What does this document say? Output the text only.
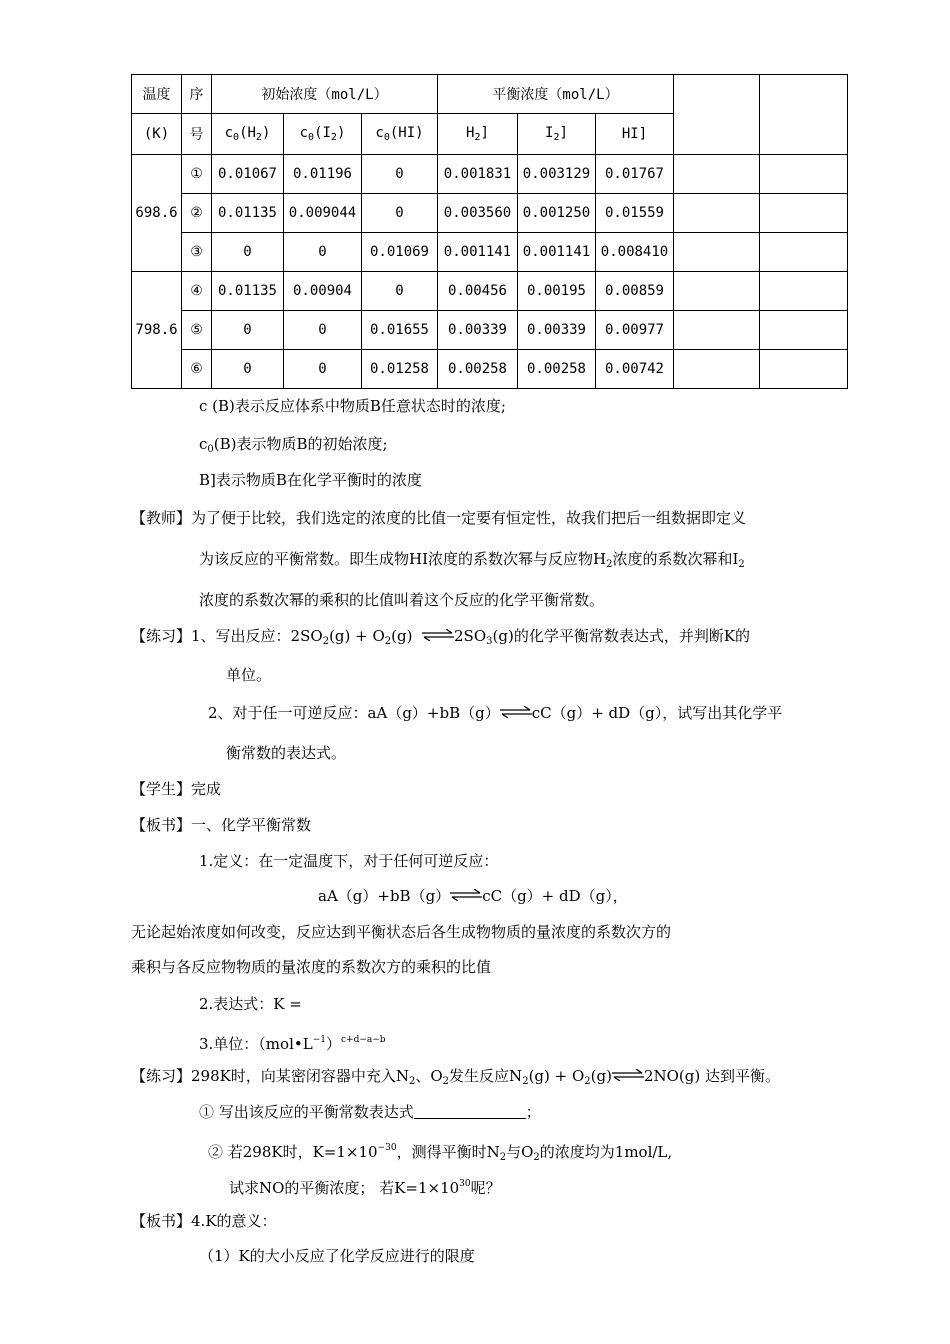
温度	序	初始浓度（mol/L）			平衡浓度（mol/L）				
(K)	号	$c_0(H_2)$	$c_0(I_2)$	$c_0(HI)$	$H_2$]	$I_2$]	HI]		
698.6	①	0.01067	0.01196	0	0.001831	0.003129	0.01767		
	②	0.01135	0.009044	0	0.003560	0.001250	0.01559		
	③	0	0	0.01069	0.001141	0.001141	0.008410		
798.6	④	0.01135	0.00904	0	0.00456	0.00195	0.00859		
	⑤	0	0	0.01655	0.00339	0.00339	0.00977		
	⑥	0	0	0.01258	0.00258	0.00258	0.00742		
c (B)表示反应体系中物质B任意状态时的浓度;
$c_0(B)$表示物质B的初始浓度;
B]表示物质B在化学平衡时的浓度
【教师】为了便于比较，我们选定的浓度的比值一定要有恒定性，故我们把后一组数据即定义
为该反应的平衡常数。即生成物HI浓度的系数次幂与反应物$H_2$浓度的系数次幂和$I_2$
浓度的系数次幂的乘积的比值叫着这个反应的化学平衡常数。
【练习】1、写出反应：$2SO_2(g) + O_2(g)$ $\rightleftharpoons 2SO_3(g)$的化学平衡常数表达式，并判断K的
单位。
2、对于任一可逆反应：aA（g）+bB（g）⇌cC（g）+ dD（g），试写出其化学平
衡常数的表达式。
【学生】完成
【板书】一、化学平衡常数
1.定义：在一定温度下，对于任何可逆反应：
aA（g）+bB（g）⇌cC（g）+ dD（g），
无论起始浓度如何改变，反应达到平衡状态后各生成物物质的量浓度的系数次方的
乘积与各反应物物质的量浓度的系数次方的乘积的比值
2.表达式：K =
3.单位：$(mol•L^{-1})^{c+d-a-b}$
【练习】298K时，向某密闭容器中充入$N_2$、$O_2$发生反应$N_2(g)$ + $O_2(g)\rightleftharpoons 2NO(g)$ 达到平衡。
① 写出该反应的平衡常数表达式	；
② 若298K时，$K=1\times 10^{-30}$，测得平衡时$N_2$与$O_2$的浓度均为1mol/L,
试求NO的平衡浓度； 若$K=1\times 10^{30}$呢？
【板书】4.K的意义：
（1）K的大小反应了化学反应进行的限度
